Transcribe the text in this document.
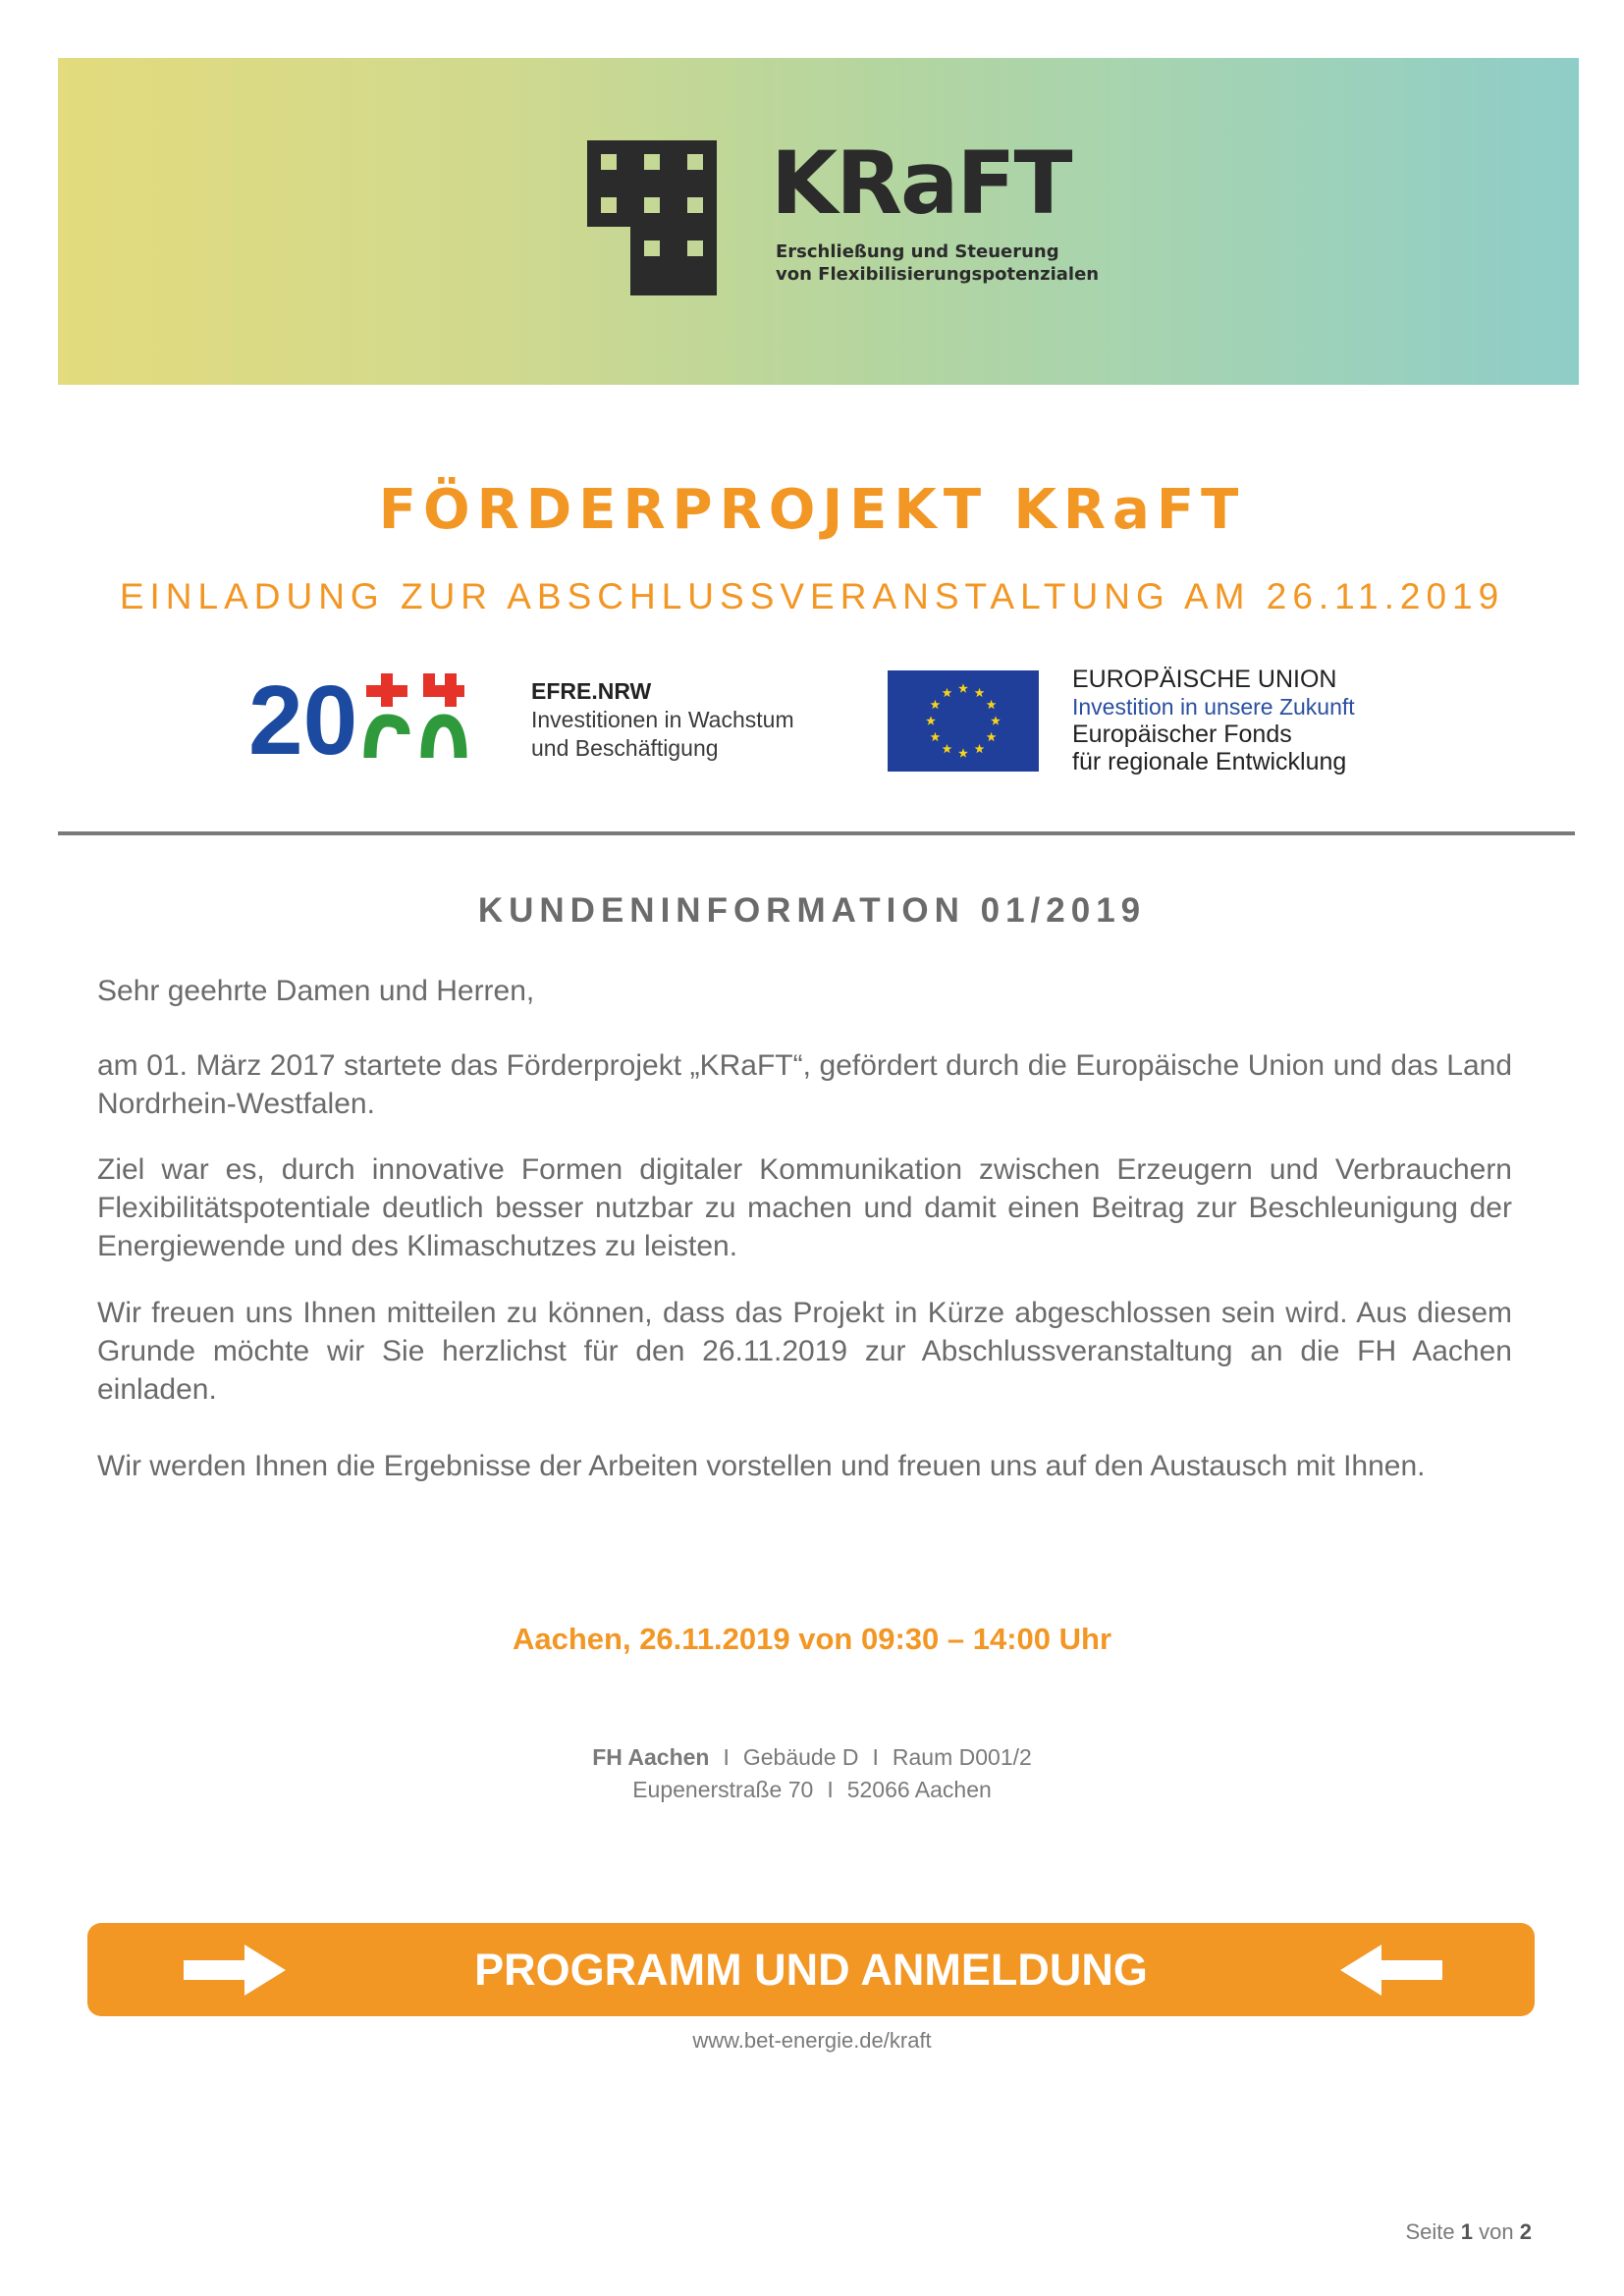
KRaFT
Erschließung und Steuerung
von Flexibilisierungspotenzialen
FÖRDERPROJEKT KRaFT
EINLADUNG ZUR ABSCHLUSSVERANSTALTUNG AM 26.11.2019
20	EFRE.NRW
Investitionen in Wachstum
und Beschäftigung
EUROPÄISCHE UNION
Investition in unsere Zukunft
Europäischer Fonds
für regionale Entwicklung
KUNDENINFORMATION 01/2019

Sehr geehrte Damen und Herren,

am 01. März 2017 startete das Förderprojekt „KRaFT“, gefördert durch die Europäische Union und das Land Nordrhein-Westfalen.

Ziel war es, durch innovative Formen digitaler Kommunikation zwischen Erzeugern und Verbrauchern Flexibilitätspotentiale deutlich besser nutzbar zu machen und damit einen Beitrag zur Beschleunigung der Energiewende und des Klimaschutzes zu leisten.

Wir freuen uns Ihnen mitteilen zu können, dass das Projekt in Kürze abgeschlossen sein wird. Aus diesem Grunde möchte wir Sie herzlichst für den 26.11.2019 zur Abschlussveranstaltung an die FH Aachen einladen.

Wir werden Ihnen die Ergebnisse der Arbeiten vorstellen und freuen uns auf den Austausch mit Ihnen.

Aachen, 26.11.2019 von 09:30 – 14:00 Uhr
FH Aachen I Gebäude D I Raum D001/2
Eupenerstraße 70 I 52066 Aachen
PROGRAMM UND ANMELDUNG
www.bet-energie.de/kraft
Seite 1 von 2
